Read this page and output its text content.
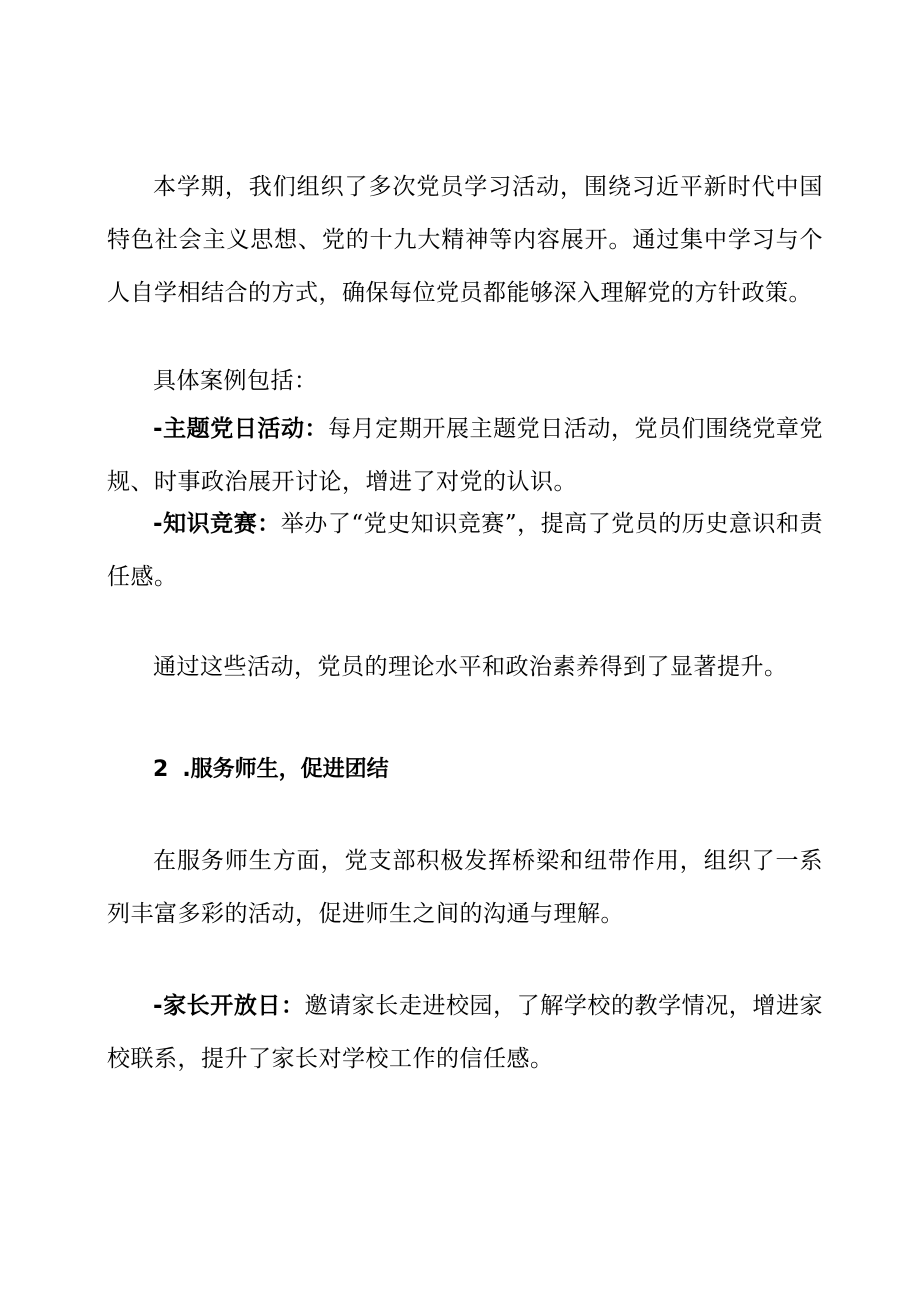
本学期，我们组织了多次党员学习活动，围绕习近平新时代中国特色社会主义思想、党的十九大精神等内容展开。通过集中学习与个人自学相结合的方式，确保每位党员都能够深入理解党的方针政策。

具体案例包括：

-主题党日活动：每月定期开展主题党日活动，党员们围绕党章党规、时事政治展开讨论，增进了对党的认识。

-知识竞赛：举办了“党史知识竞赛”，提高了党员的历史意识和责任感。

通过这些活动，党员的理论水平和政治素养得到了显著提升。

2 .服务师生，促进团结

在服务师生方面，党支部积极发挥桥梁和纽带作用，组织了一系列丰富多彩的活动，促进师生之间的沟通与理解。

-家长开放日：邀请家长走进校园，了解学校的教学情况，增进家校联系，提升了家长对学校工作的信任感。
